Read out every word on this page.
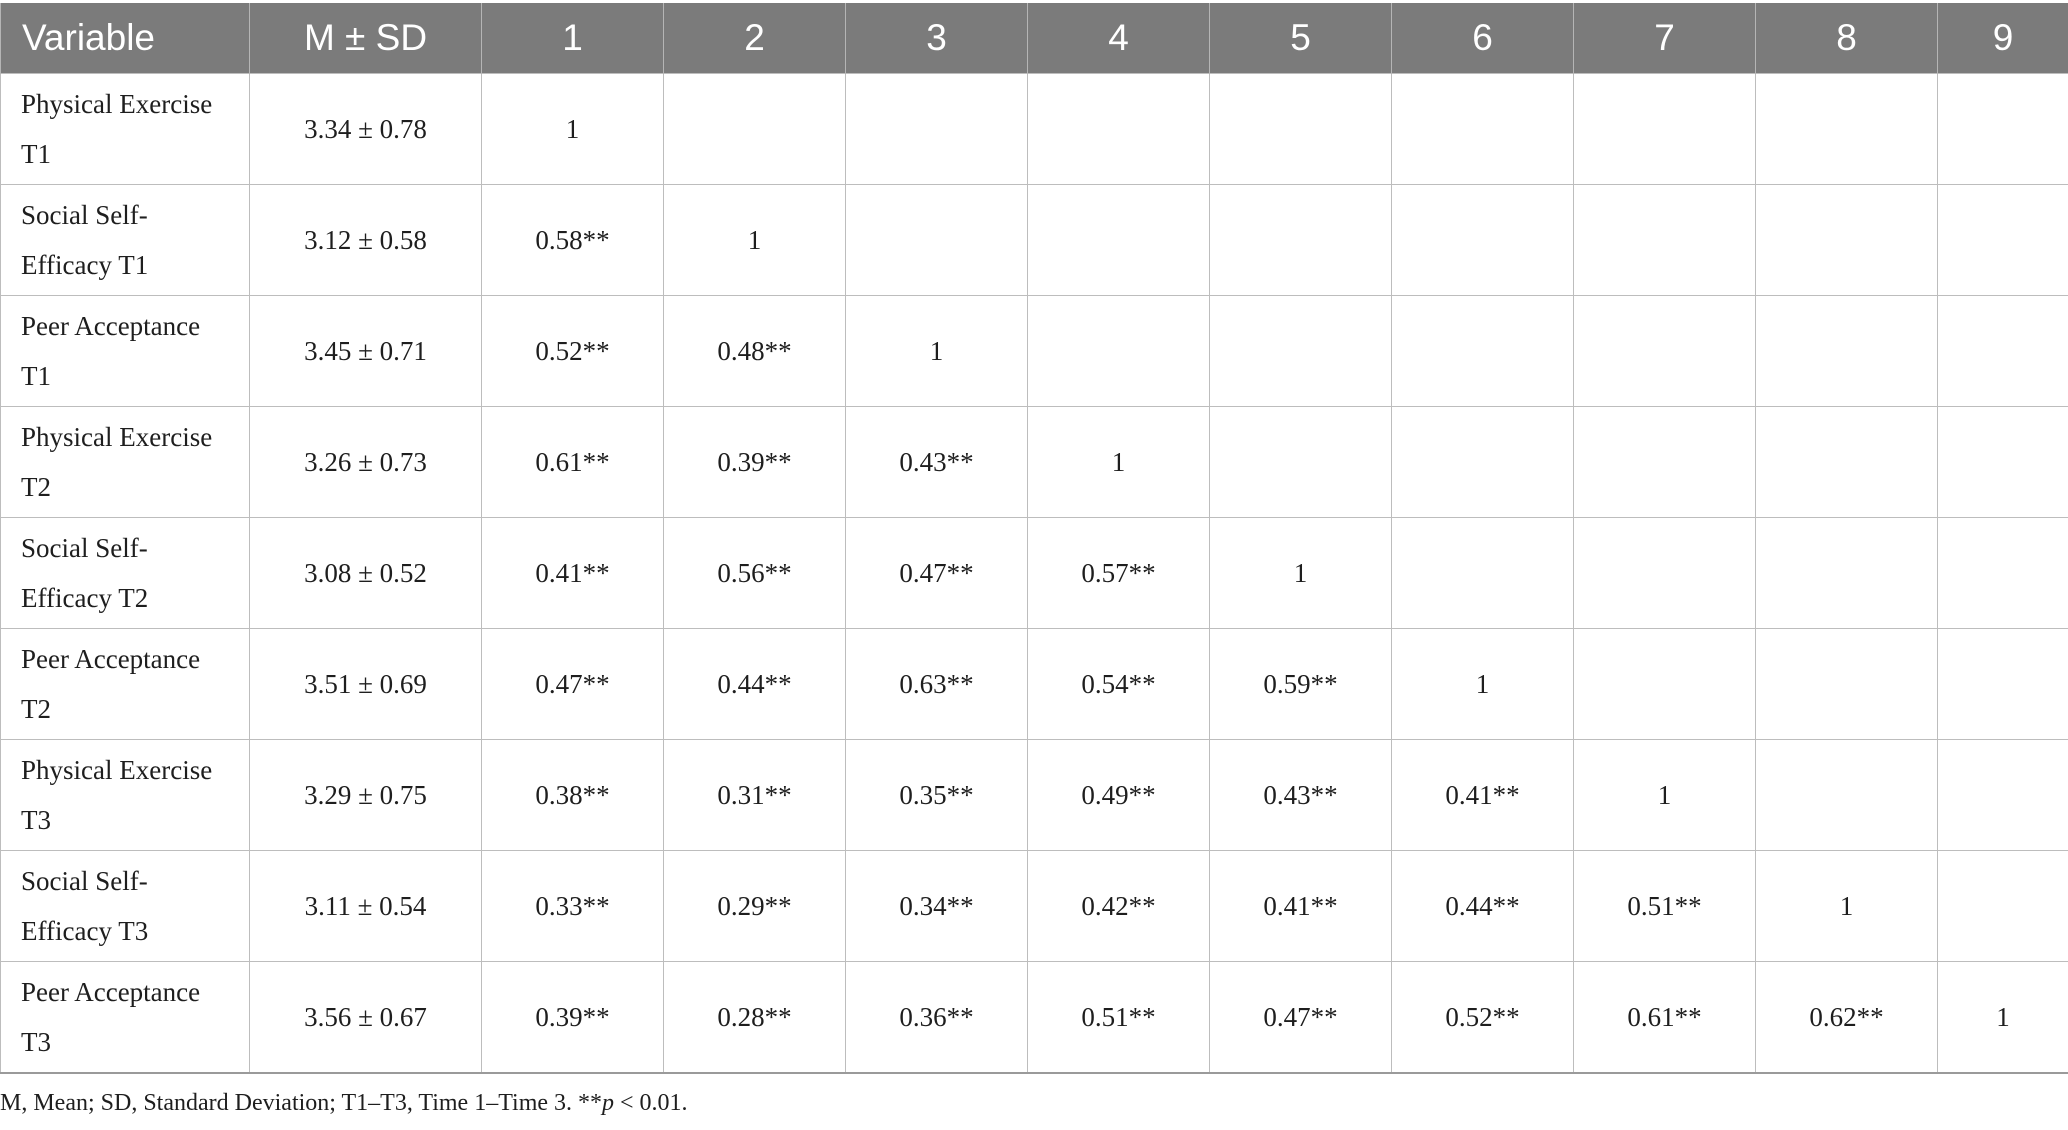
Variable	M ± SD	1	2	3	4	5	6	7	8	9

Physical Exercise
T1	3.34 ± 0.78	1								

Social Self-
Efficacy T1	3.12 ± 0.58	0.58**	1							

Peer Acceptance
T1	3.45 ± 0.71	0.52**	0.48**	1						

Physical Exercise
T2	3.26 ± 0.73	0.61**	0.39**	0.43**	1					

Social Self-
Efficacy T2	3.08 ± 0.52	0.41**	0.56**	0.47**	0.57**	1				

Peer Acceptance
T2	3.51 ± 0.69	0.47**	0.44**	0.63**	0.54**	0.59**	1			

Physical Exercise
T3	3.29 ± 0.75	0.38**	0.31**	0.35**	0.49**	0.43**	0.41**	1		

Social Self-
Efficacy T3	3.11 ± 0.54	0.33**	0.29**	0.34**	0.42**	0.41**	0.44**	0.51**	1	

Peer Acceptance
T3	3.56 ± 0.67	0.39**	0.28**	0.36**	0.51**	0.47**	0.52**	0.61**	0.62**	1
M, Mean; SD, Standard Deviation; T1–T3, Time 1–Time 3. **p < 0.01.
